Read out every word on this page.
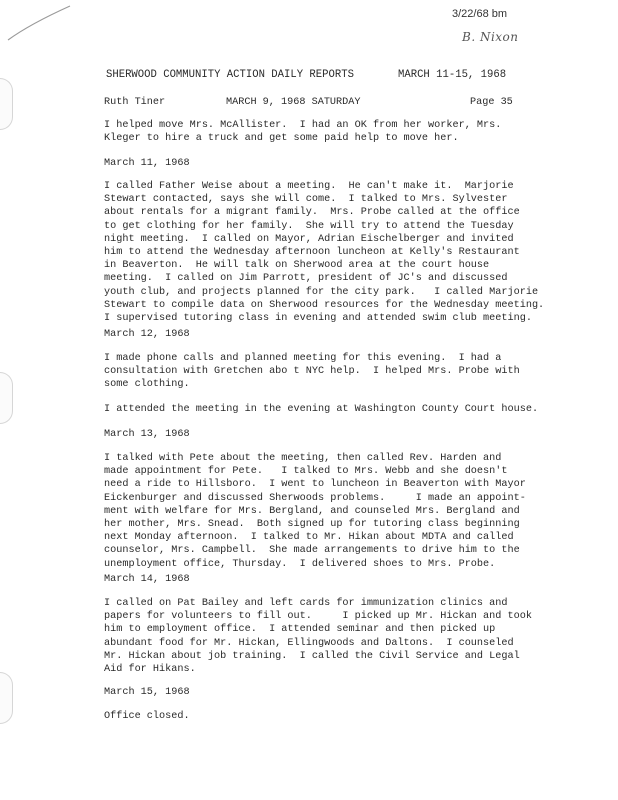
3/22/68 bm
B. Nixon
SHERWOOD COMMUNITY ACTION DAILY REPORTS	MARCH 11-15, 1968
Ruth Tiner	MARCH 9, 1968 SATURDAY	Page 35
I helped move Mrs. McAllister.  I had an OK from her worker, Mrs.
Kleger to hire a truck and get some paid help to move her.
March 11, 1968
I called Father Weise about a meeting.  He can't make it.  Marjorie
Stewart contacted, says she will come.  I talked to Mrs. Sylvester
about rentals for a migrant family.  Mrs. Probe called at the office
to get clothing for her family.  She will try to attend the Tuesday
night meeting.  I called on Mayor, Adrian Eischelberger and invited
him to attend the Wednesday afternoon luncheon at Kelly's Restaurant
in Beaverton.  He will talk on Sherwood area at the court house
meeting.  I called on Jim Parrott, president of JC's and discussed
youth club, and projects planned for the city park.   I called Marjorie
Stewart to compile data on Sherwood resources for the Wednesday meeting.
I supervised tutoring class in evening and attended swim club meeting.
March 12, 1968
I made phone calls and planned meeting for this evening.  I had a
consultation with Gretchen abo t NYC help.  I helped Mrs. Probe with
some clothing.
I attended the meeting in the evening at Washington County Court house.
March 13, 1968
I talked with Pete about the meeting, then called Rev. Harden and
made appointment for Pete.   I talked to Mrs. Webb and she doesn't
need a ride to Hillsboro.  I went to luncheon in Beaverton with Mayor
Eickenburger and discussed Sherwoods problems.     I made an appoint-
ment with welfare for Mrs. Bergland, and counseled Mrs. Bergland and
her mother, Mrs. Snead.  Both signed up for tutoring class beginning
next Monday afternoon.  I talked to Mr. Hikan about MDTA and called
counselor, Mrs. Campbell.  She made arrangements to drive him to the
unemployment office, Thursday.  I delivered shoes to Mrs. Probe.
March 14, 1968
I called on Pat Bailey and left cards for immunization clinics and
papers for volunteers to fill out.     I picked up Mr. Hickan and took
him to employment office.  I attended seminar and then picked up
abundant food for Mr. Hickan, Ellingwoods and Daltons.  I counseled
Mr. Hickan about job training.  I called the Civil Service and Legal
Aid for Hikans.
March 15, 1968
Office closed.
